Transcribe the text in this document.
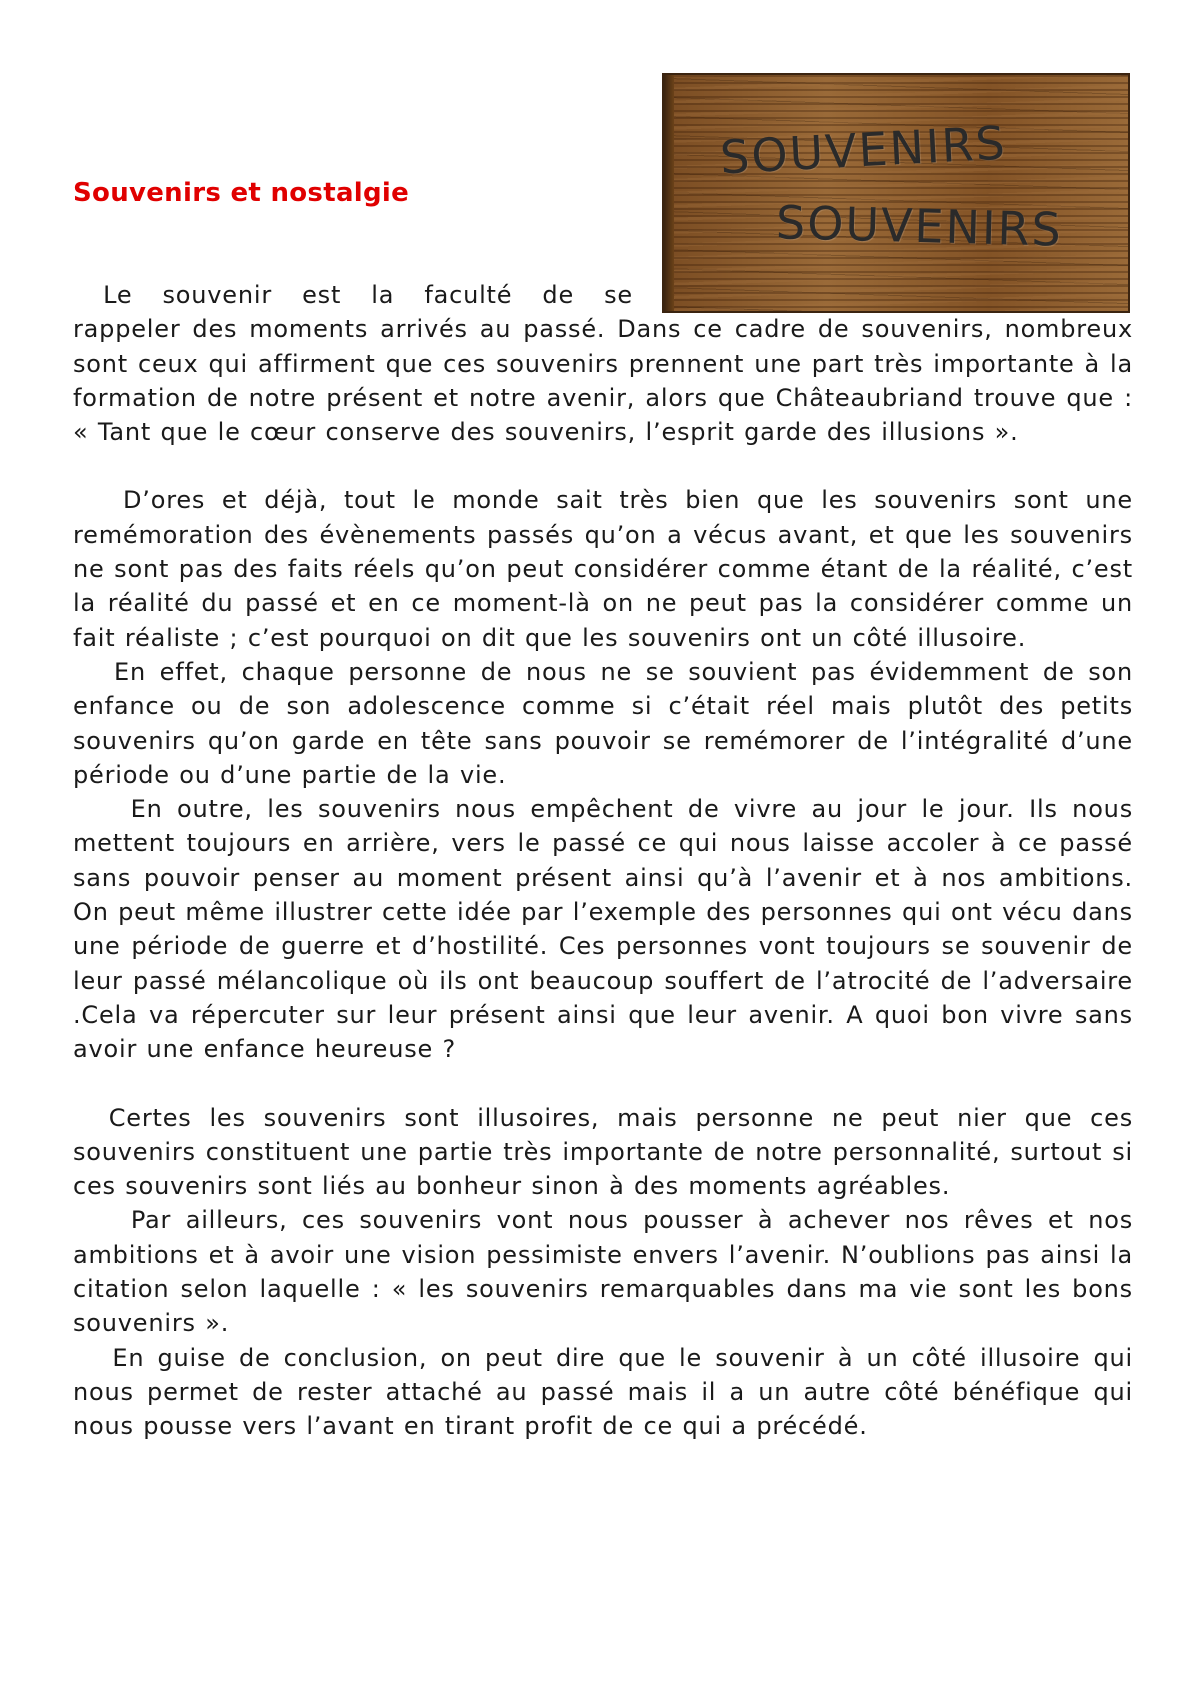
Souvenirs et nostalgie
SOUVENIRS
SOUVENIRS

Le souvenir est la faculté de se
rappeler des moments arrivés au passé. Dans ce cadre de souvenirs, nombreux sont ceux qui affirment que ces souvenirs prennent une part très importante à la formation de notre présent et notre avenir, alors que Châteaubriand trouve que : « Tant que le cœur conserve des souvenirs, l’esprit garde des illusions ».

D’ores et déjà, tout le monde sait très bien que les souvenirs sont une remémoration des évènements passés qu’on a vécus avant, et que les souvenirs ne sont pas des faits réels qu’on peut considérer comme étant de la réalité, c’est la réalité du passé et en ce moment-là on ne peut pas la considérer comme un fait réaliste ; c’est pourquoi on dit que les souvenirs ont un côté illusoire.

En effet, chaque personne de nous ne se souvient pas évidemment de son enfance ou de son adolescence comme si c’était réel mais plutôt des petits souvenirs qu’on garde en tête sans pouvoir se remémorer de l’intégralité d’une période ou d’une partie de la vie.

En outre, les souvenirs nous empêchent de vivre au jour le jour. Ils nous mettent toujours en arrière, vers le passé ce qui nous laisse accoler à ce passé sans pouvoir penser au moment présent ainsi qu’à l’avenir et à nos ambitions. On peut même illustrer cette idée par l’exemple des personnes qui ont vécu dans une période de guerre et d’hostilité. Ces personnes vont toujours se souvenir de leur passé mélancolique où ils ont beaucoup souffert de l’atrocité de l’adversaire .Cela va répercuter sur leur présent ainsi que leur avenir. A quoi bon vivre sans avoir une enfance heureuse ?

Certes les souvenirs sont illusoires, mais personne ne peut nier que ces souvenirs constituent une partie très importante de notre personnalité, surtout si ces souvenirs sont liés au bonheur sinon à des moments agréables.

Par ailleurs, ces souvenirs vont nous pousser à achever nos rêves et nos ambitions et à avoir une vision pessimiste envers l’avenir. N’oublions pas ainsi la citation selon laquelle : « les souvenirs remarquables dans ma vie sont les bons souvenirs ».

En guise de conclusion, on peut dire que le souvenir à un côté illusoire qui nous permet de rester attaché au passé mais il a un autre côté bénéfique qui nous pousse vers l’avant en tirant profit de ce qui a précédé.
